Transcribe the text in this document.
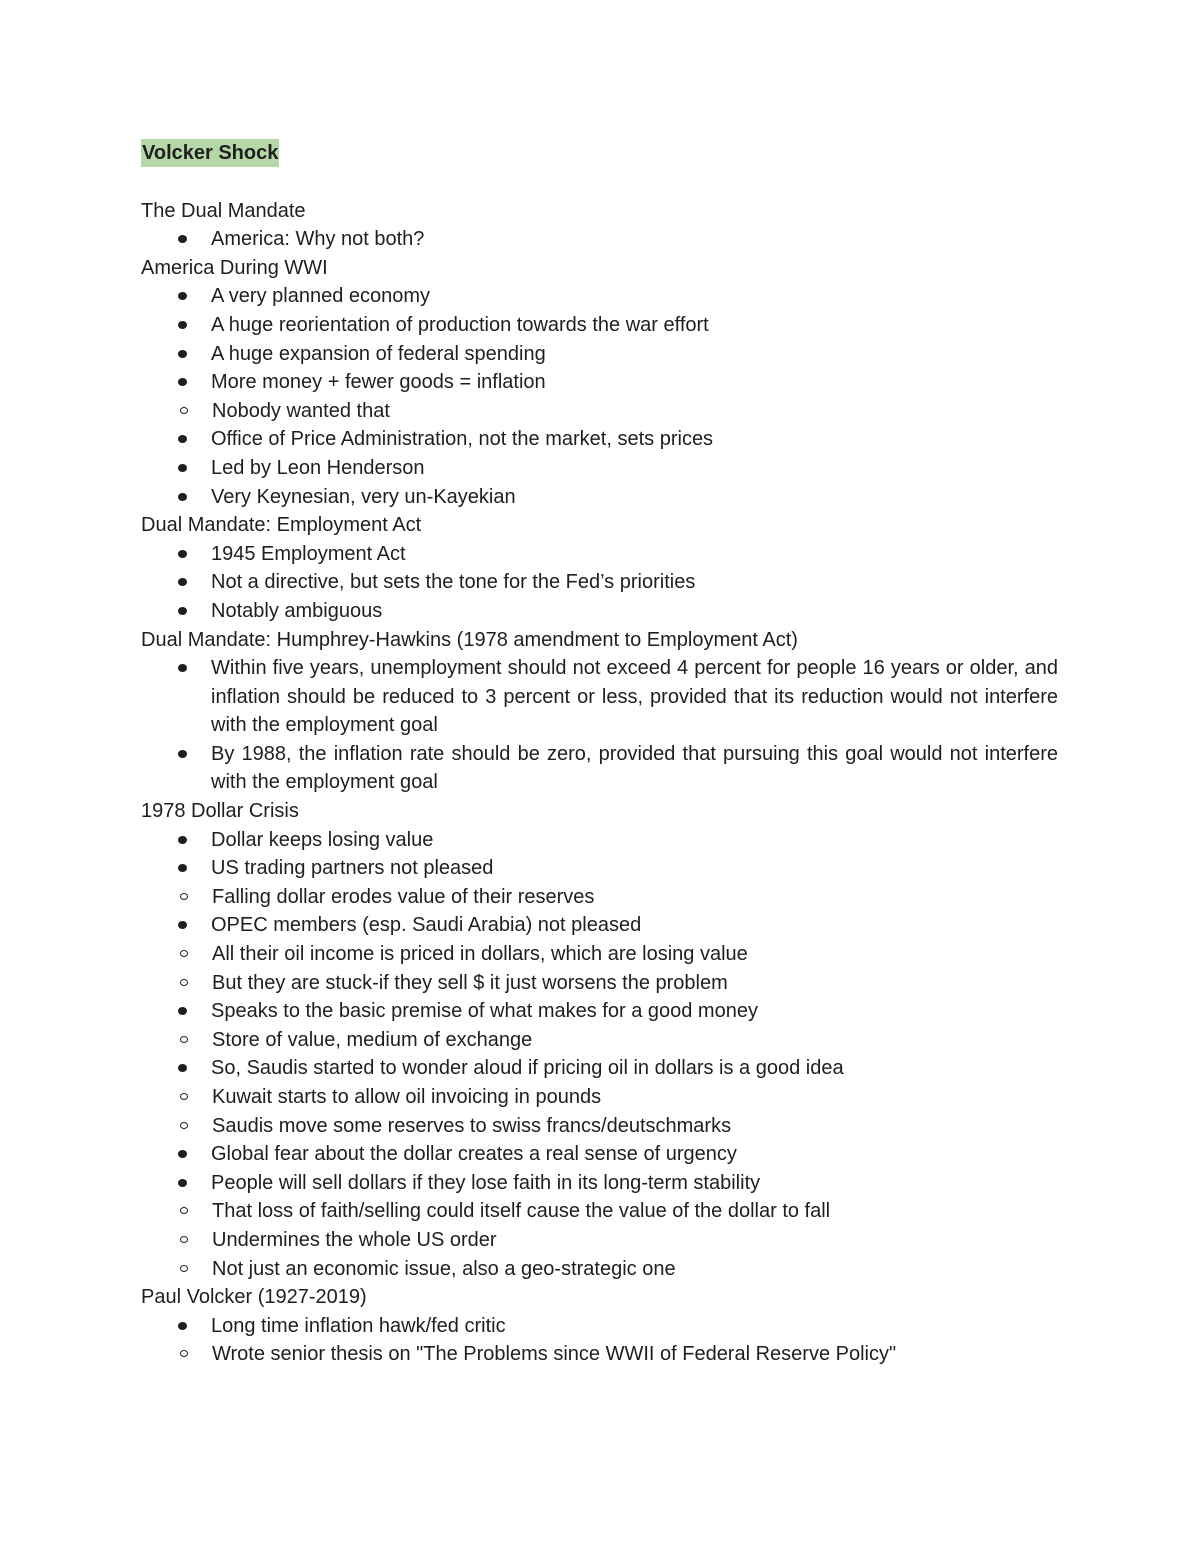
Volcker Shock
The Dual Mandate
America: Why not both?
America During WWI
A very planned economy
A huge reorientation of production towards the war effort
A huge expansion of federal spending
More money + fewer goods = inflation
Nobody wanted that
Office of Price Administration, not the market, sets prices
Led by Leon Henderson
Very Keynesian, very un-Kayekian
Dual Mandate: Employment Act
1945 Employment Act
Not a directive, but sets the tone for the Fed’s priorities
Notably ambiguous
Dual Mandate: Humphrey-Hawkins (1978 amendment to Employment Act)
Within five years, unemployment should not exceed 4 percent for people 16 years or older, and inflation should be reduced to 3 percent or less, provided that its reduction would not interfere with the employment goal
By 1988, the inflation rate should be zero, provided that pursuing this goal would not interfere with the employment goal
1978 Dollar Crisis
Dollar keeps losing value
US trading partners not pleased
Falling dollar erodes value of their reserves
OPEC members (esp. Saudi Arabia) not pleased
All their oil income is priced in dollars, which are losing value
But they are stuck-if they sell $ it just worsens the problem
Speaks to the basic premise of what makes for a good money
Store of value, medium of exchange
So, Saudis started to wonder aloud if pricing oil in dollars is a good idea
Kuwait starts to allow oil invoicing in pounds
Saudis move some reserves to swiss francs/deutschmarks
Global fear about the dollar creates a real sense of urgency
People will sell dollars if they lose faith in its long-term stability
That loss of faith/selling could itself cause the value of the dollar to fall
Undermines the whole US order
Not just an economic issue, also a geo-strategic one
Paul Volcker (1927-2019)
Long time inflation hawk/fed critic
Wrote senior thesis on "The Problems since WWII of Federal Reserve Policy"
